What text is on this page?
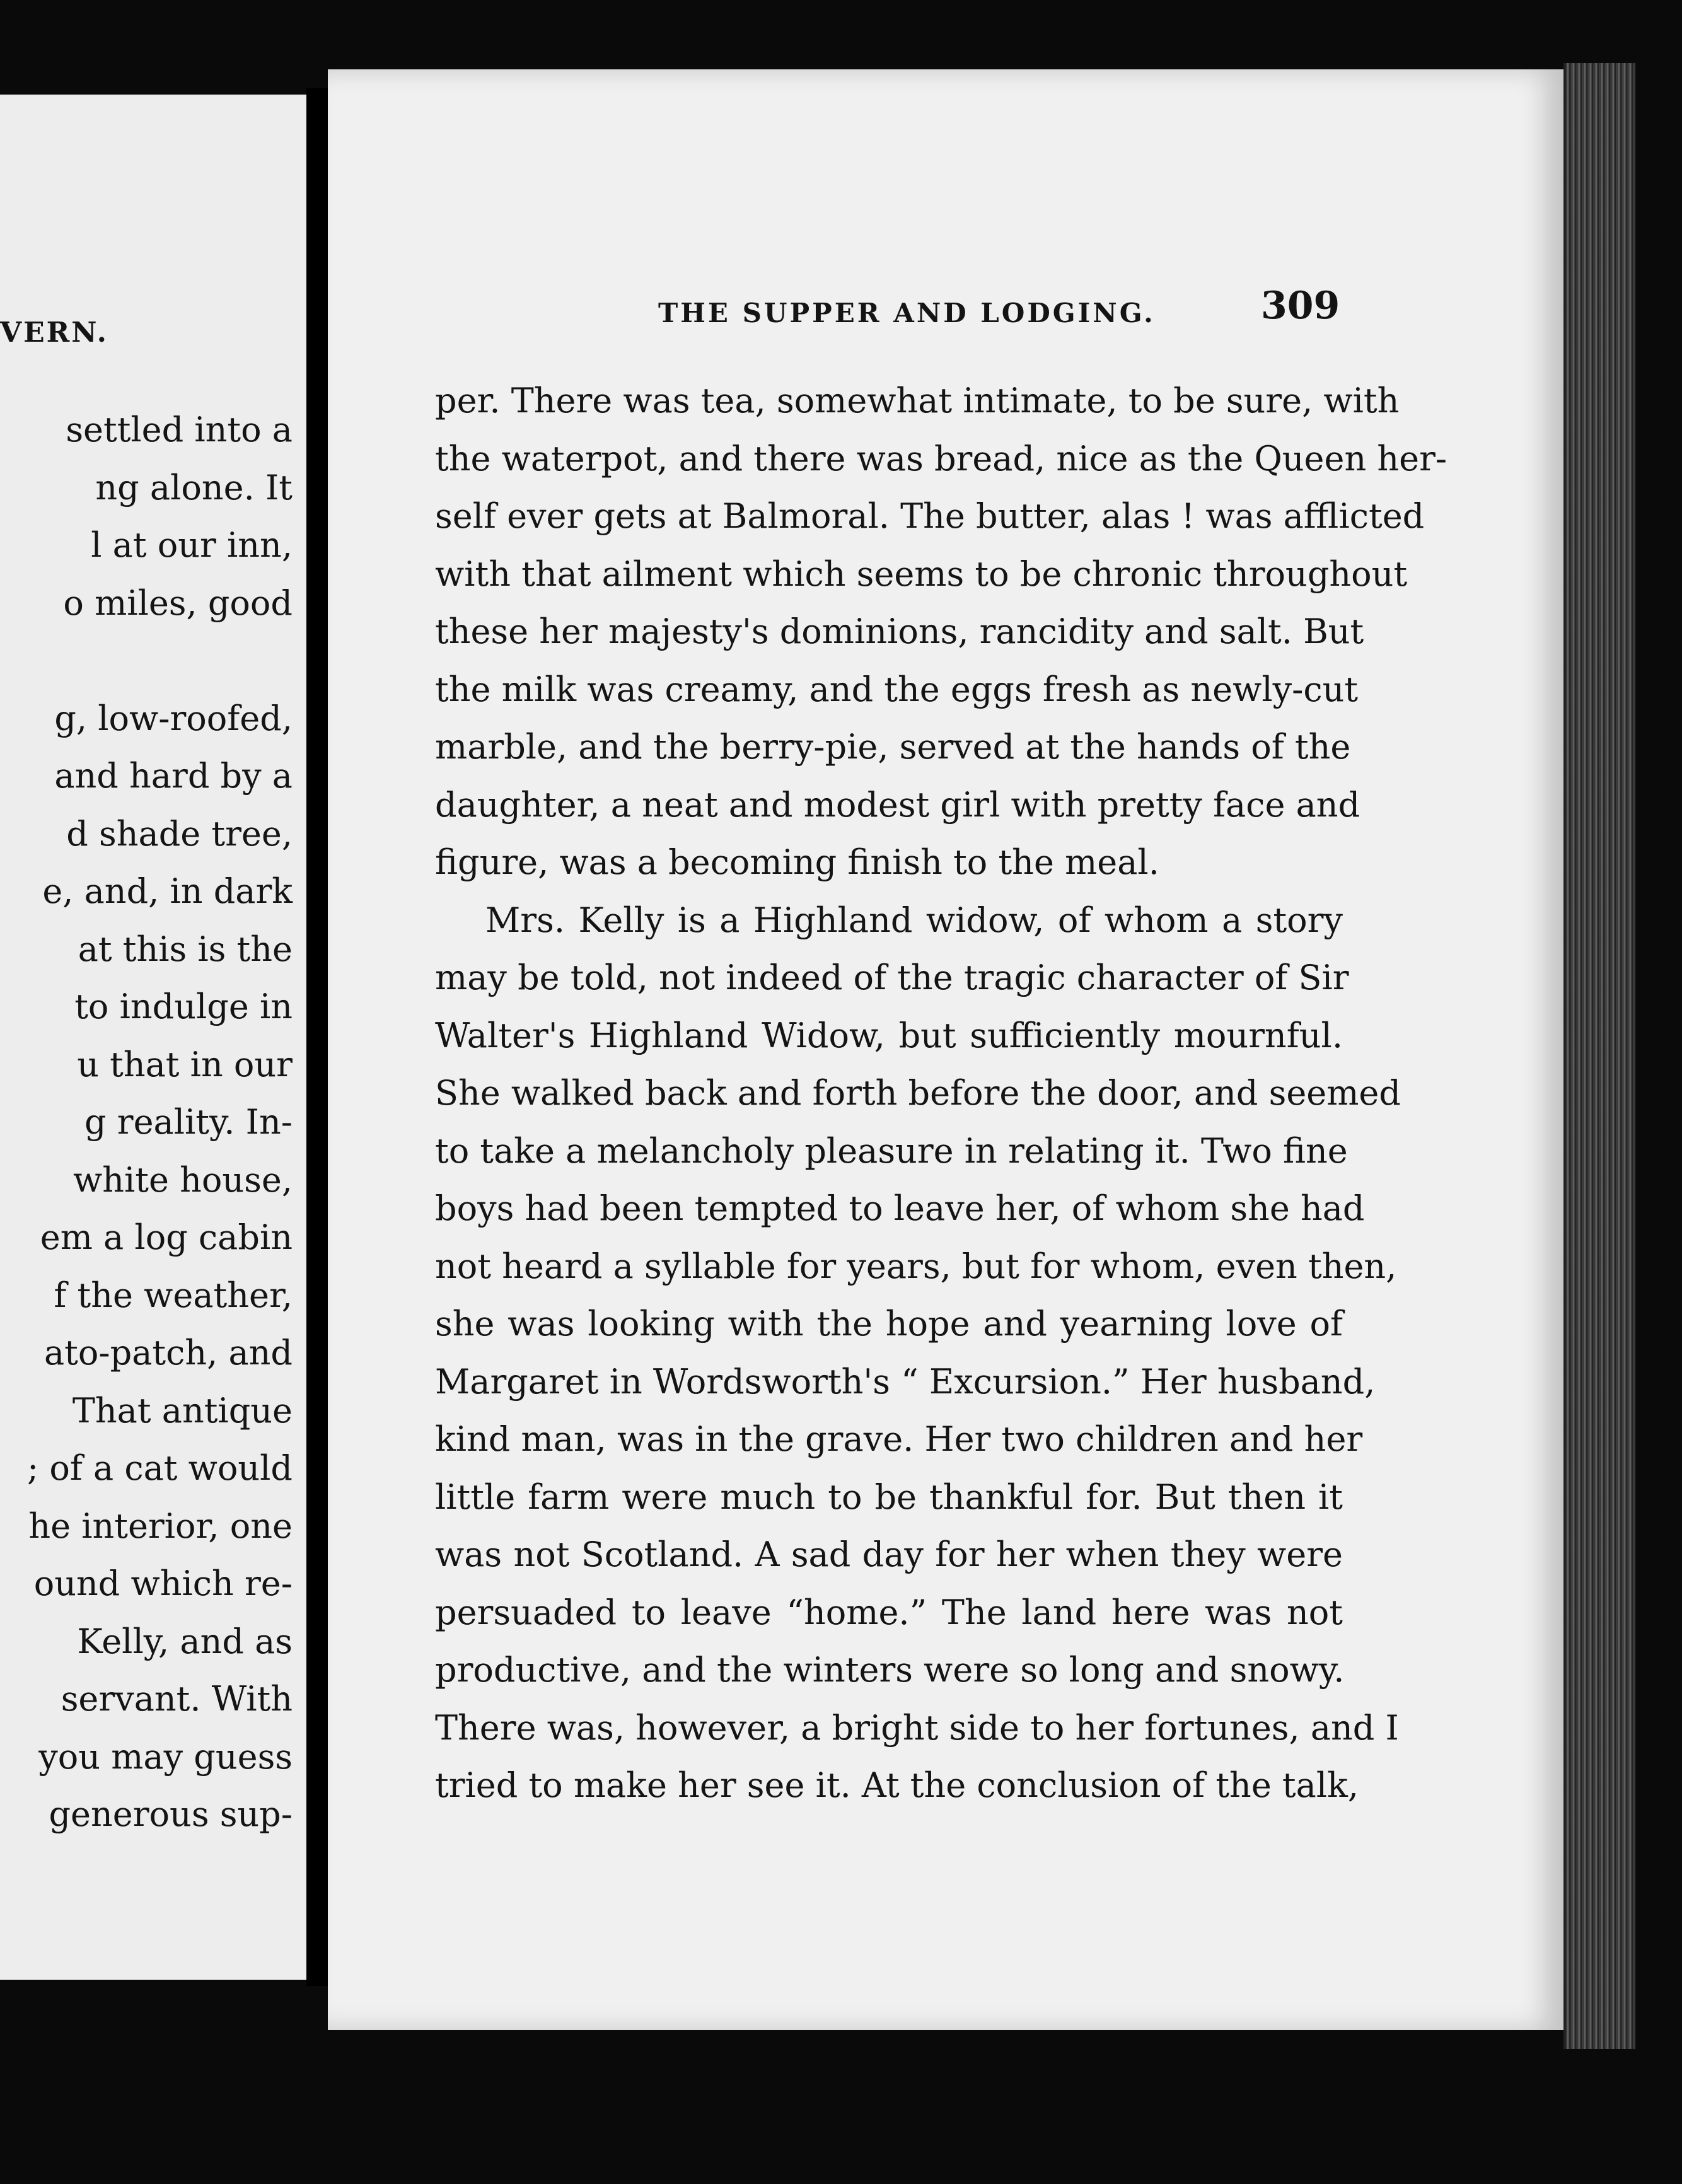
VERN.
settled into a
ng alone. It
l at our inn,
o miles, good
g, low-roofed,
and hard by a
d shade tree,
e, and, in dark
at this is the
to indulge in
u that in our
g reality. In-
white house,
em a log cabin
f the weather,
ato-patch, and
That antique
; of a cat would
he interior, one
ound which re-
Kelly, and as
servant. With
you may guess
generous sup-
THE SUPPER AND LODGING.	309
per. There was tea, somewhat intimate, to be sure, with
the waterpot, and there was bread, nice as the Queen her-
self ever gets at Balmoral. The butter, alas ! was afflicted
with that ailment which seems to be chronic throughout
these her majesty's dominions, rancidity and salt. But
the milk was creamy, and the eggs fresh as newly-cut
marble, and the berry-pie, served at the hands of the
daughter, a neat and modest girl with pretty face and
figure, was a becoming finish to the meal.
Mrs. Kelly is a Highland widow, of whom a story
may be told, not indeed of the tragic character of Sir
Walter's Highland Widow, but sufficiently mournful.
She walked back and forth before the door, and seemed
to take a melancholy pleasure in relating it. Two fine
boys had been tempted to leave her, of whom she had
not heard a syllable for years, but for whom, even then,
she was looking with the hope and yearning love of
Margaret in Wordsworth's “ Excursion.” Her husband,
kind man, was in the grave. Her two children and her
little farm were much to be thankful for. But then it
was not Scotland. A sad day for her when they were
persuaded to leave “home.” The land here was not
productive, and the winters were so long and snowy.
There was, however, a bright side to her fortunes, and I
tried to make her see it. At the conclusion of the talk,
